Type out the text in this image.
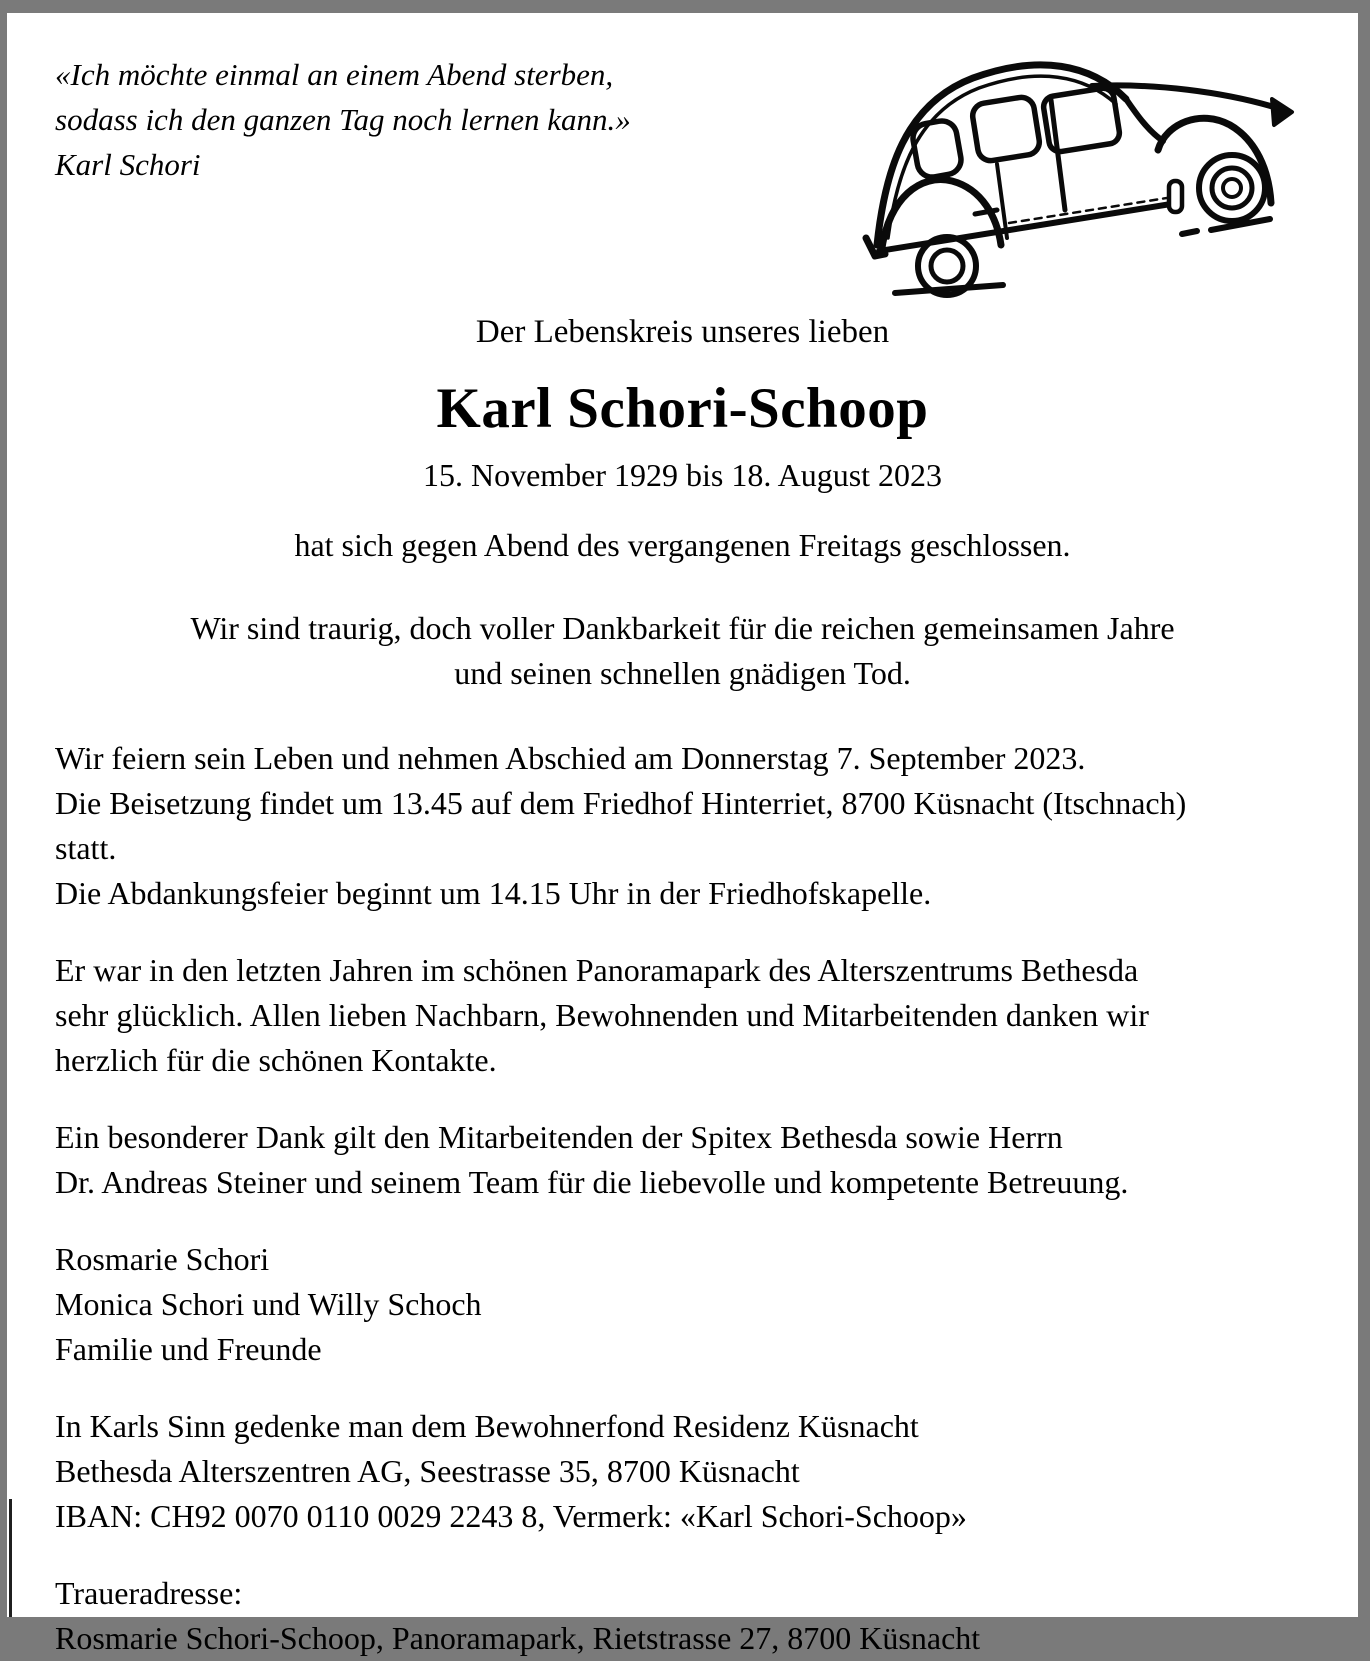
«Ich möchte einmal an einem Abend sterben,
sodass ich den ganzen Tag noch lernen kann.»
Karl Schori
Der Lebenskreis unseres lieben
Karl Schori-Schoop
15. November 1929 bis 18. August 2023
hat sich gegen Abend des vergangenen Freitags geschlossen.
Wir sind traurig, doch voller Dankbarkeit für die reichen gemeinsamen Jahre
und seinen schnellen gnädigen Tod.

Wir feiern sein Leben und nehmen Abschied am Donnerstag 7. September 2023.
Die Beisetzung findet um 13.45 auf dem Friedhof Hinterriet, 8700 Küsnacht (Itschnach)
statt.
Die Abdankungsfeier beginnt um 14.15 Uhr in der Friedhofskapelle.

Er war in den letzten Jahren im schönen Panoramapark des Alterszentrums Bethesda
sehr glücklich. Allen lieben Nachbarn, Bewohnenden und Mitarbeitenden danken wir
herzlich für die schönen Kontakte.

Ein besonderer Dank gilt den Mitarbeitenden der Spitex Bethesda sowie Herrn
Dr. Andreas Steiner und seinem Team für die liebevolle und kompetente Betreuung.

Rosmarie Schori
Monica Schori und Willy Schoch
Familie und Freunde

In Karls Sinn gedenke man dem Bewohnerfond Residenz Küsnacht
Bethesda Alterszentren AG, Seestrasse 35, 8700 Küsnacht
IBAN: CH92 0070 0110 0029 2243 8, Vermerk: «Karl Schori-Schoop»

Traueradresse:
Rosmarie Schori-Schoop, Panoramapark, Rietstrasse 27, 8700 Küsnacht
